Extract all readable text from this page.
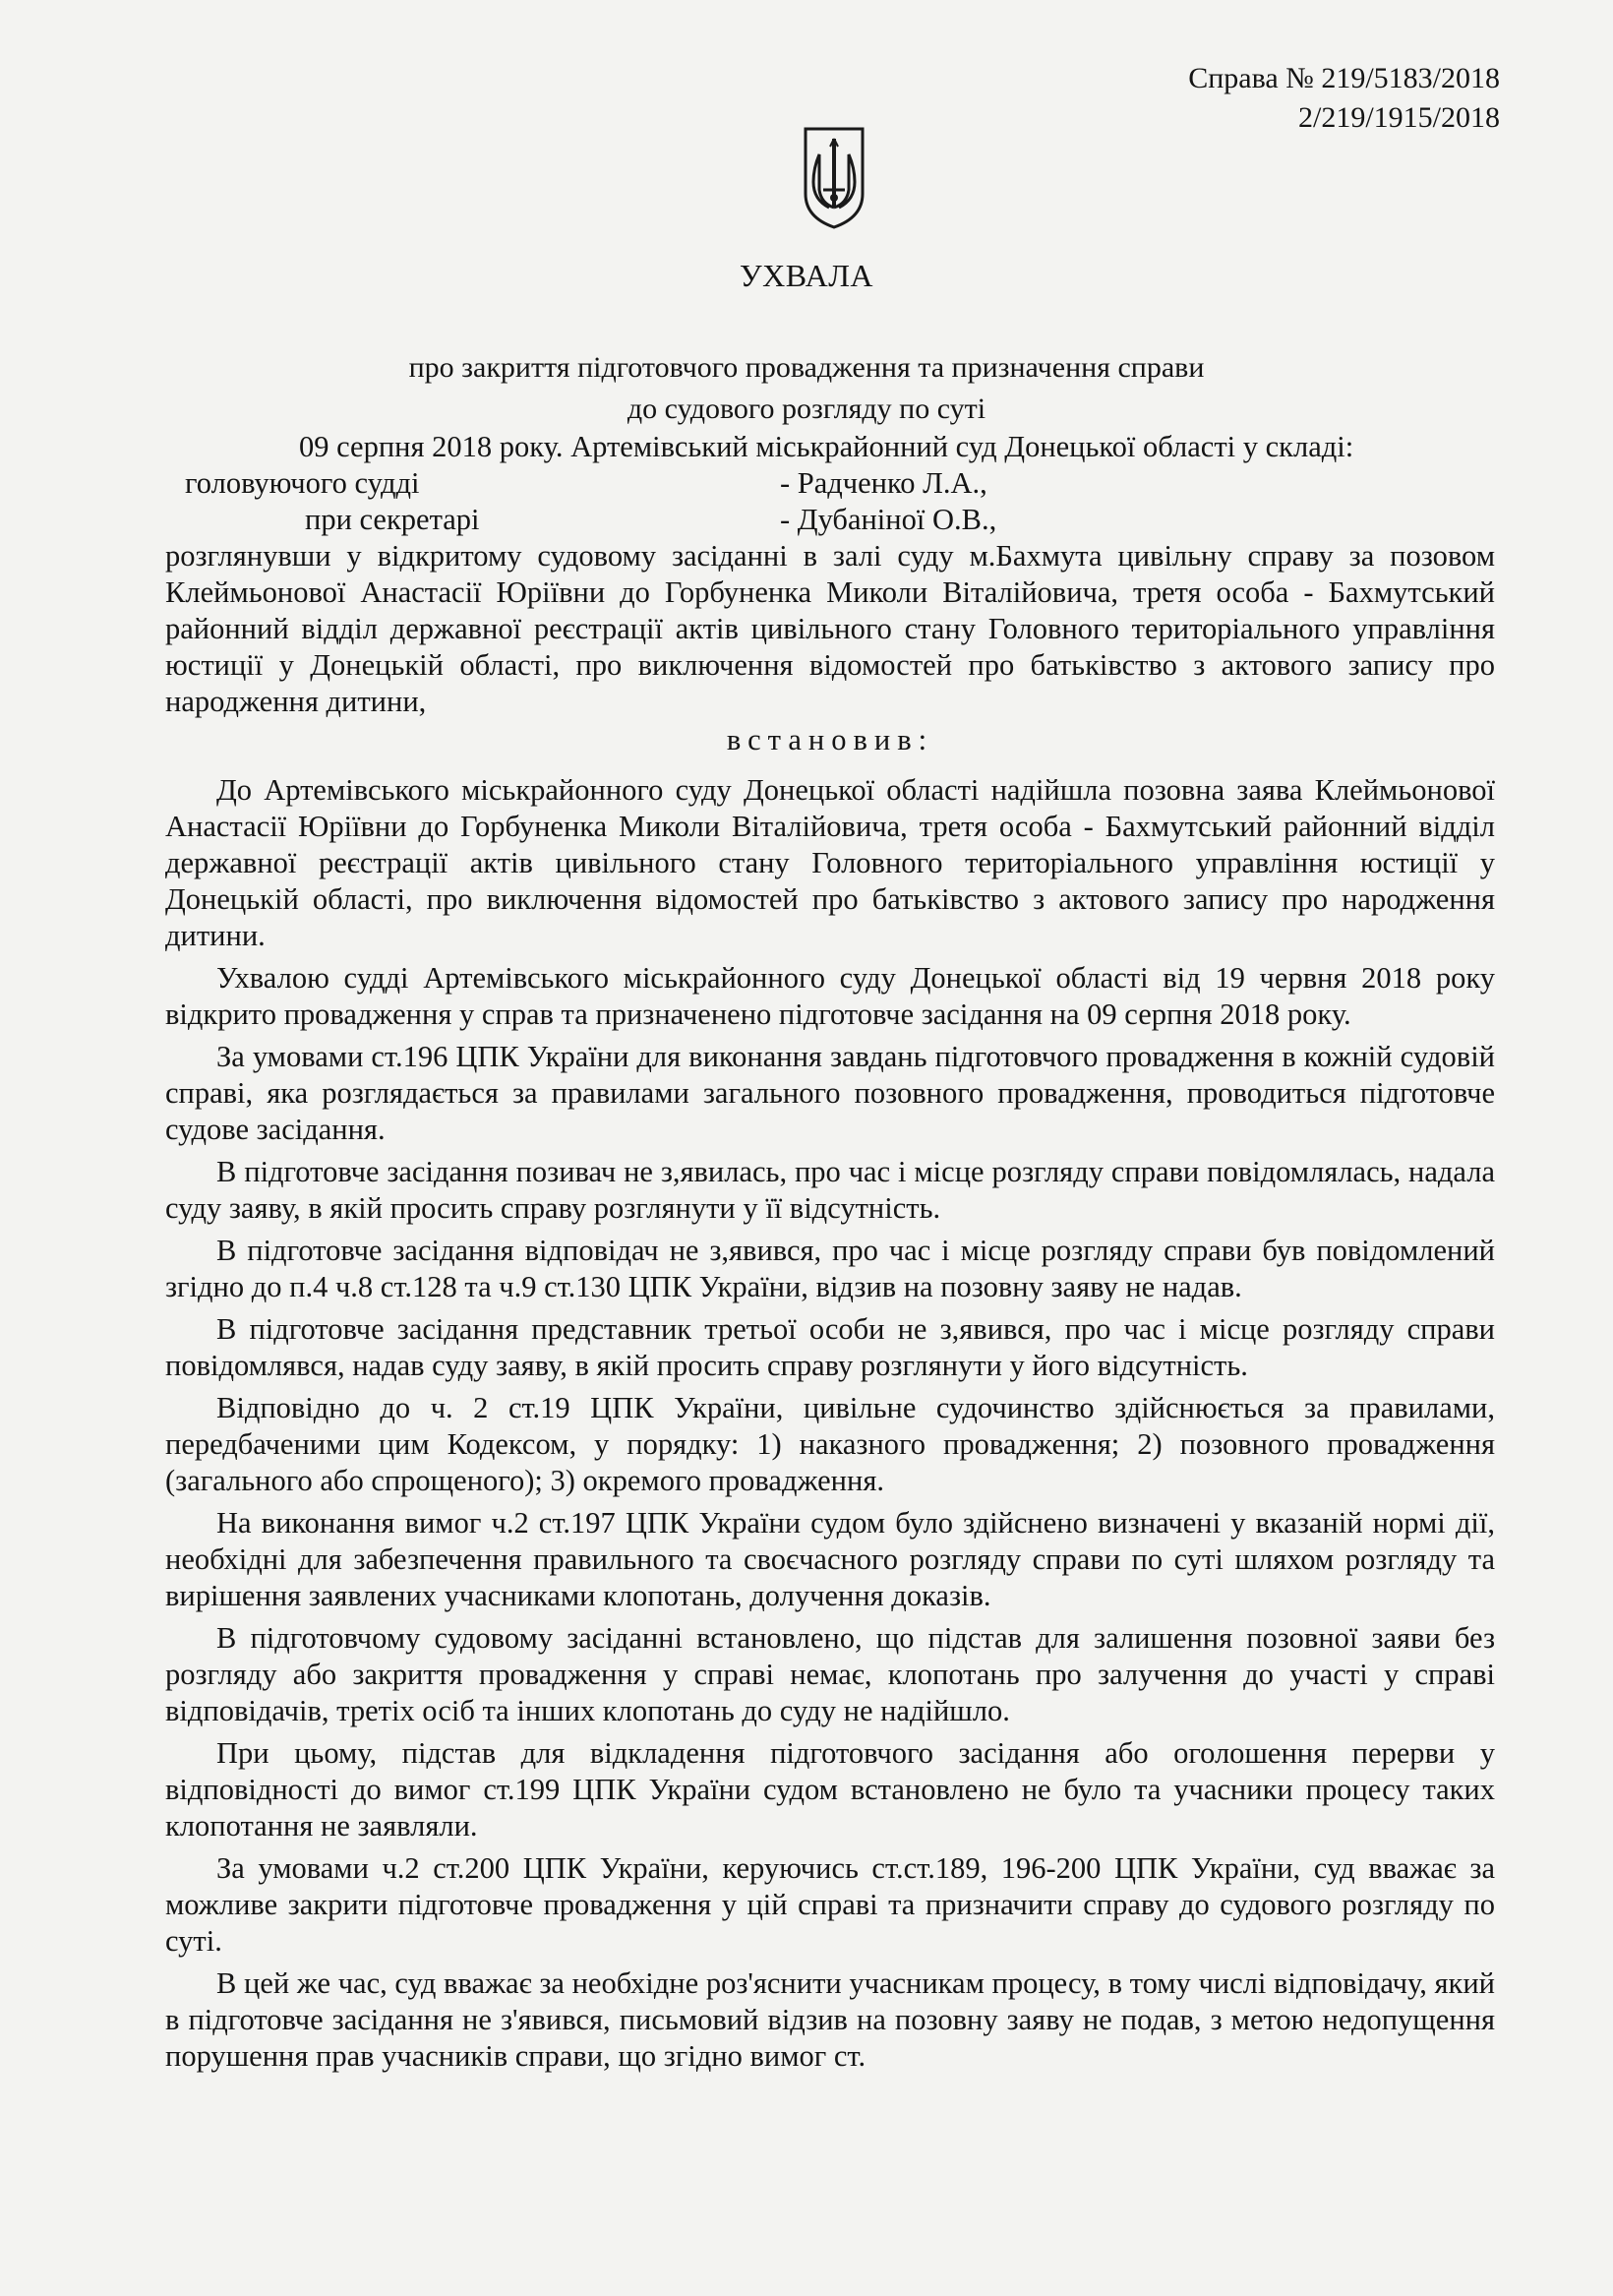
Справа № 219/5183/2018
2/219/1915/2018
УХВАЛА
про закриття підготовчого провадження та призначення справи
до судового розгляду по суті
09 серпня 2018 року. Артемівський міськрайонний суд Донецької області у складі:
головуючого судді	- Радченко Л.А.,
при секретарі	- Дубаніної О.В.,

розглянувши у відкритому судовому засіданні в залі суду м.Бахмута цивільну справу за позовом Клеймьонової Анастасії Юріївни до Горбуненка Миколи Віталійовича, третя особа - Бахмутський районний відділ державної реєстрації актів цивільного стану Головного територіального управління юстиції у Донецькій області, про виключення відомостей про батьківство з актового запису про народження дитини,

встановив:

До Артемівського міськрайонного суду Донецької області надійшла позовна заява Клеймьонової Анастасії Юріївни до Горбуненка Миколи Віталійовича, третя особа - Бахмутський районний відділ державної реєстрації актів цивільного стану Головного територіального управління юстиції у Донецькій області, про виключення відомостей про батьківство з актового запису про народження дитини.

Ухвалою судді Артемівського міськрайонного суду Донецької області від 19 червня 2018 року відкрито провадження у справ та призначенено підготовче засідання на 09 серпня 2018 року.

За умовами ст.196 ЦПК України для виконання завдань підготовчого провадження в кожній судовій справі, яка розглядається за правилами загального позовного провадження, проводиться підготовче судове засідання.

В підготовче засідання позивач не з,явилась, про час і місце розгляду справи повідомлялась, надала суду заяву, в якій просить справу розглянути у її відсутність.

В підготовче засідання відповідач не з,явився, про час і місце розгляду справи був повідомлений згідно до п.4 ч.8 ст.128 та ч.9 ст.130 ЦПК України, відзив на позовну заяву не надав.

В підготовче засідання представник третьої особи не з,явився, про час і місце розгляду справи повідомлявся, надав суду заяву, в якій просить справу розглянути у його відсутність.

Відповідно до ч. 2 ст.19 ЦПК України, цивільне судочинство здійснюється за правилами, передбаченими цим Кодексом, у порядку: 1) наказного провадження; 2) позовного провадження (загального або спрощеного); 3) окремого провадження.

На виконання вимог ч.2 ст.197 ЦПК України судом було здійснено визначені у вказаній нормі дії, необхідні для забезпечення правильного та своєчасного розгляду справи по суті шляхом розгляду та вирішення заявлених учасниками клопотань, долучення доказів.

В підготовчому судовому засіданні встановлено, що підстав для залишення позовної заяви без розгляду або закриття провадження у справі немає, клопотань про залучення до участі у справі відповідачів, третіх осіб та інших клопотань до суду не надійшло.

При цьому, підстав для відкладення підготовчого засідання або оголошення перерви у відповідності до вимог ст.199 ЦПК України судом встановлено не було та учасники процесу таких клопотання не заявляли.

За умовами ч.2 ст.200 ЦПК України, керуючись ст.ст.189, 196-200 ЦПК України, суд вважає за можливе закрити підготовче провадження у цій справі та призначити справу до судового розгляду по суті.

В цей же час, суд вважає за необхідне роз'яснити учасникам процесу, в тому числі відповідачу, який в підготовче засідання не з'явився, письмовий відзив на позовну заяву не подав, з метою недопущення порушення прав учасників справи, що згідно вимог ст.
